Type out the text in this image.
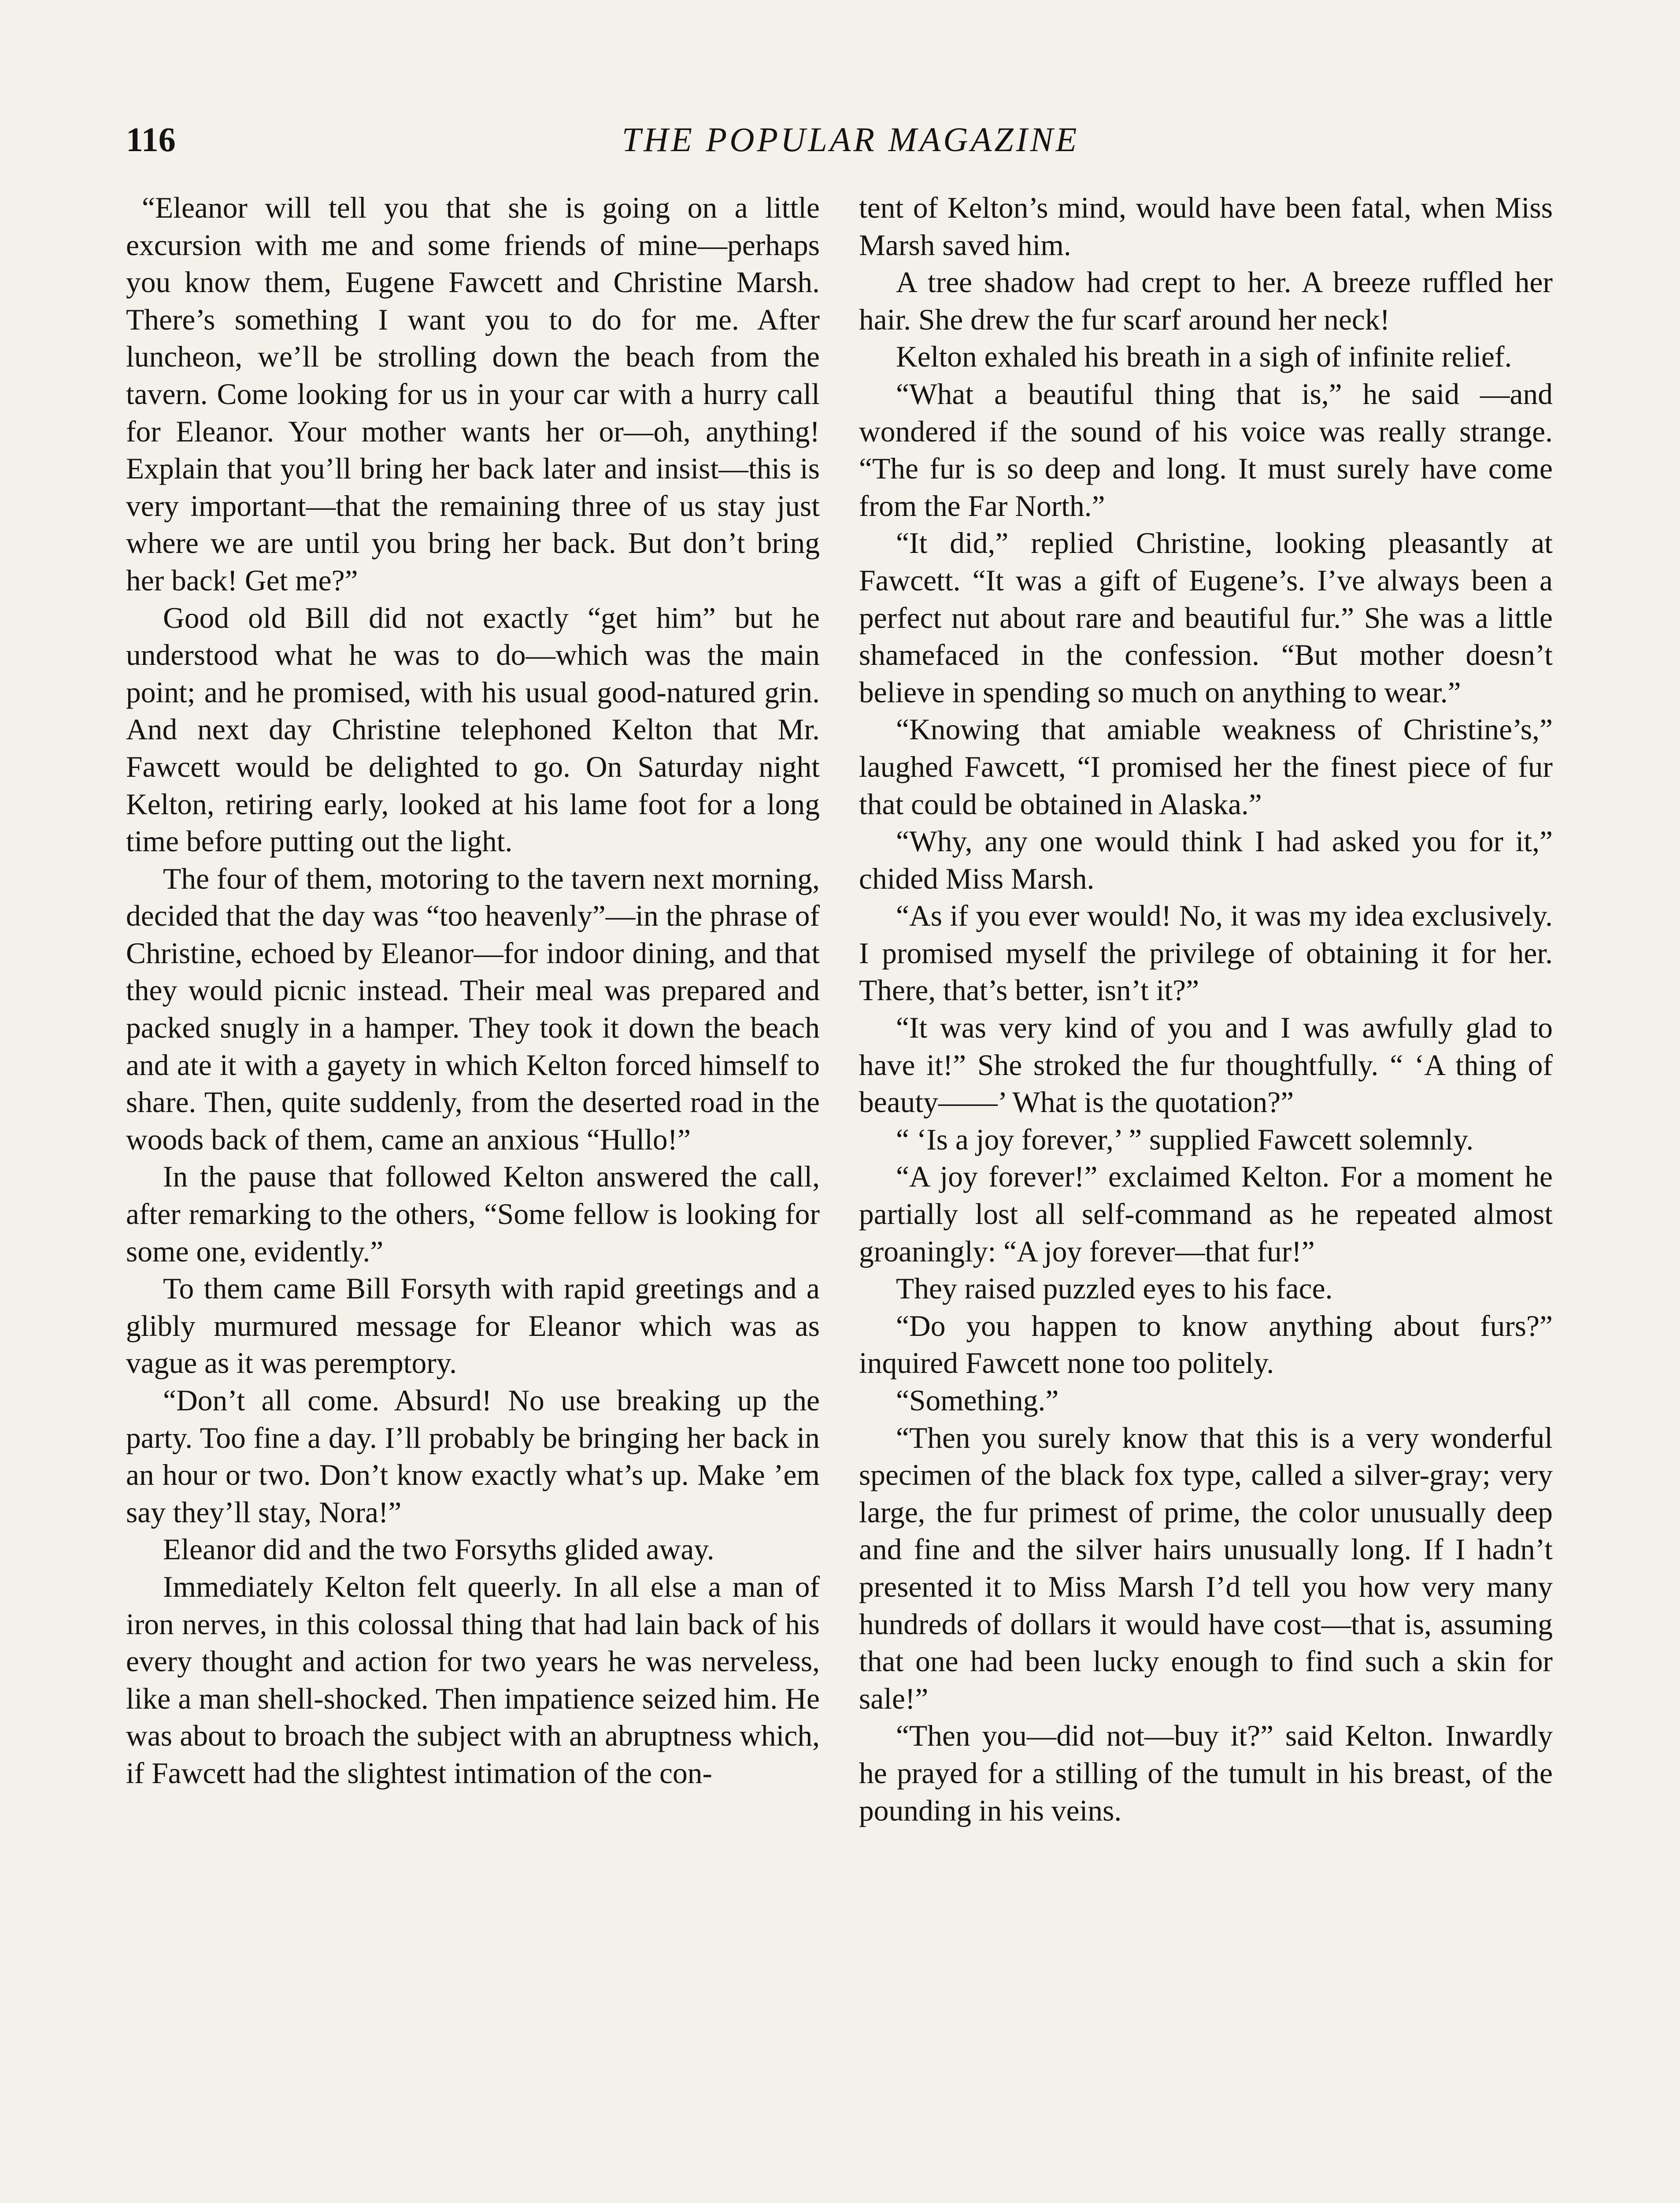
116	THE POPULAR MAGAZINE

“Eleanor will tell you that she is going on a little excursion with me and some friends of mine—perhaps you know them, Eugene Fawcett and Christine Marsh. There’s something I want you to do for me. After luncheon, we’ll be strolling down the beach from the tavern. Come looking for us in your car with a hurry call for Eleanor. Your mother wants her or—oh, anything! Explain that you’ll bring her back later and insist—this is very important—that the remaining three of us stay just where we are until you bring her back. But don’t bring her back! Get me?”

Good old Bill did not exactly “get him” but he understood what he was to do—which was the main point; and he promised, with his usual good-natured grin. And next day Christine telephoned Kelton that Mr. Fawcett would be delighted to go. On Saturday night Kelton, retiring early, looked at his lame foot for a long time before putting out the light.

The four of them, motoring to the tavern next morning, decided that the day was “too heavenly”—in the phrase of Christine, echoed by Eleanor—for indoor dining, and that they would picnic instead. Their meal was prepared and packed snugly in a hamper. They took it down the beach and ate it with a gayety in which Kelton forced himself to share. Then, quite suddenly, from the deserted road in the woods back of them, came an anxious “Hullo!”

In the pause that followed Kelton answered the call, after remarking to the others, “Some fellow is looking for some one, evidently.”

To them came Bill Forsyth with rapid greetings and a glibly murmured message for Eleanor which was as vague as it was peremptory.

“Don’t all come. Absurd! No use breaking up the party. Too fine a day. I’ll probably be bringing her back in an hour or two. Don’t know exactly what’s up. Make ’em say they’ll stay, Nora!”

Eleanor did and the two Forsyths glided away.

Immediately Kelton felt queerly. In all else a man of iron nerves, in this colossal thing that had lain back of his every thought and action for two years he was nerveless, like a man shell-shocked. Then impatience seized him. He was about to broach the subject with an abruptness which, if Fawcett had the slightest intimation of the con-

tent of Kelton’s mind, would have been fatal, when Miss Marsh saved him.

A tree shadow had crept to her. A breeze ruffled her hair. She drew the fur scarf around her neck!

Kelton exhaled his breath in a sigh of infinite relief.

“What a beautiful thing that is,” he said —and wondered if the sound of his voice was really strange. “The fur is so deep and long. It must surely have come from the Far North.”

“It did,” replied Christine, looking pleasantly at Fawcett. “It was a gift of Eugene’s. I’ve always been a perfect nut about rare and beautiful fur.” She was a little shamefaced in the confession. “But mother doesn’t believe in spending so much on anything to wear.”

“Knowing that amiable weakness of Christine’s,” laughed Fawcett, “I promised her the finest piece of fur that could be obtained in Alaska.”

“Why, any one would think I had asked you for it,” chided Miss Marsh.

“As if you ever would! No, it was my idea exclusively. I promised myself the privilege of obtaining it for her. There, that’s better, isn’t it?”

“It was very kind of you and I was awfully glad to have it!” She stroked the fur thoughtfully. “ ‘A thing of beauty——’ What is the quotation?”

“ ‘Is a joy forever,’ ” supplied Fawcett solemnly.

“A joy forever!” exclaimed Kelton. For a moment he partially lost all self-command as he repeated almost groaningly: “A joy forever—that fur!”

They raised puzzled eyes to his face.

“Do you happen to know anything about furs?” inquired Fawcett none too politely.

“Something.”

“Then you surely know that this is a very wonderful specimen of the black fox type, called a silver-gray; very large, the fur primest of prime, the color unusually deep and fine and the silver hairs unusually long. If I hadn’t presented it to Miss Marsh I’d tell you how very many hundreds of dollars it would have cost—that is, assuming that one had been lucky enough to find such a skin for sale!”

“Then you—did not—buy it?” said Kelton. Inwardly he prayed for a stilling of the tumult in his breast, of the pounding in his veins.
